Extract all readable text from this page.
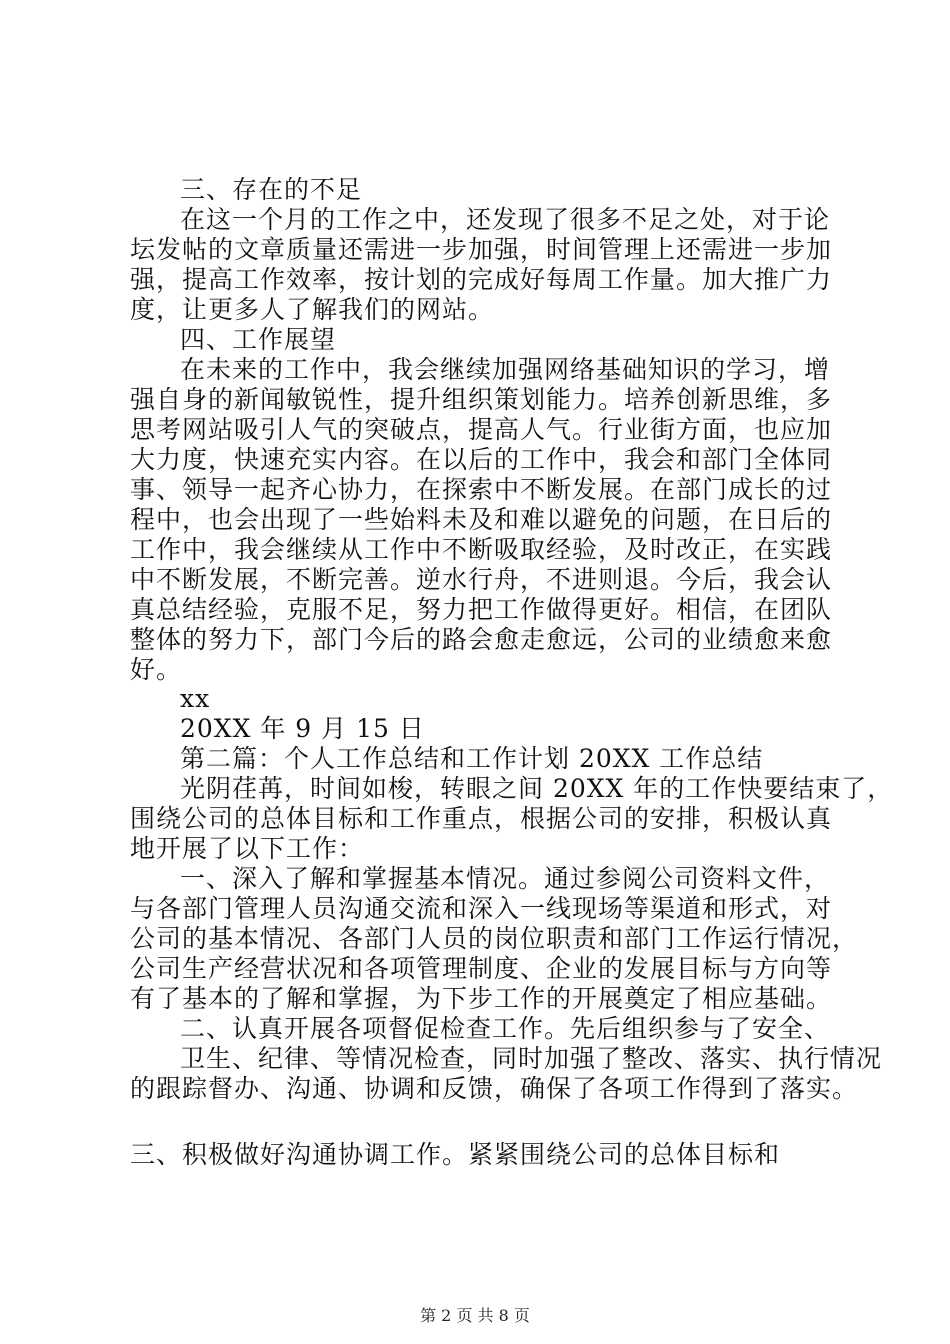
三、存在的不足
在这一个月的工作之中，还发现了很多不足之处，对于论
坛发帖的文章质量还需进一步加强，时间管理上还需进一步加
强，提高工作效率，按计划的完成好每周工作量。加大推广力
度，让更多人了解我们的网站。
四、工作展望
在未来的工作中，我会继续加强网络基础知识的学习，增
强自身的新闻敏锐性，提升组织策划能力。培养创新思维，多
思考网站吸引人气的突破点，提高人气。行业街方面，也应加
大力度，快速充实内容。在以后的工作中，我会和部门全体同
事、领导一起齐心协力，在探索中不断发展。在部门成长的过
程中，也会出现了一些始料未及和难以避免的问题，在日后的
工作中，我会继续从工作中不断吸取经验，及时改正，在实践
中不断发展，不断完善。逆水行舟，不进则退。今后，我会认
真总结经验，克服不足，努力把工作做得更好。相信，在团队
整体的努力下，部门今后的路会愈走愈远，公司的业绩愈来愈
好。
xx
20XX 年 9 月 15 日
第二篇：个人工作总结和工作计划 20XX 工作总结
光阴荏苒，时间如梭，转眼之间 20XX 年的工作快要结束了，
围绕公司的总体目标和工作重点，根据公司的安排，积极认真
地开展了以下工作：
一、深入了解和掌握基本情况。通过参阅公司资料文件，
与各部门管理人员沟通交流和深入一线现场等渠道和形式，对
公司的基本情况、各部门人员的岗位职责和部门工作运行情况，
公司生产经营状况和各项管理制度、企业的发展目标与方向等
有了基本的了解和掌握，为下步工作的开展奠定了相应基础。
二、认真开展各项督促检查工作。先后组织参与了安全、
卫生、纪律、等情况检查，同时加强了整改、落实、执行情况
的跟踪督办、沟通、协调和反馈，确保了各项工作得到了落实。
三、积极做好沟通协调工作。紧紧围绕公司的总体目标和
第 2 页 共 8 页
